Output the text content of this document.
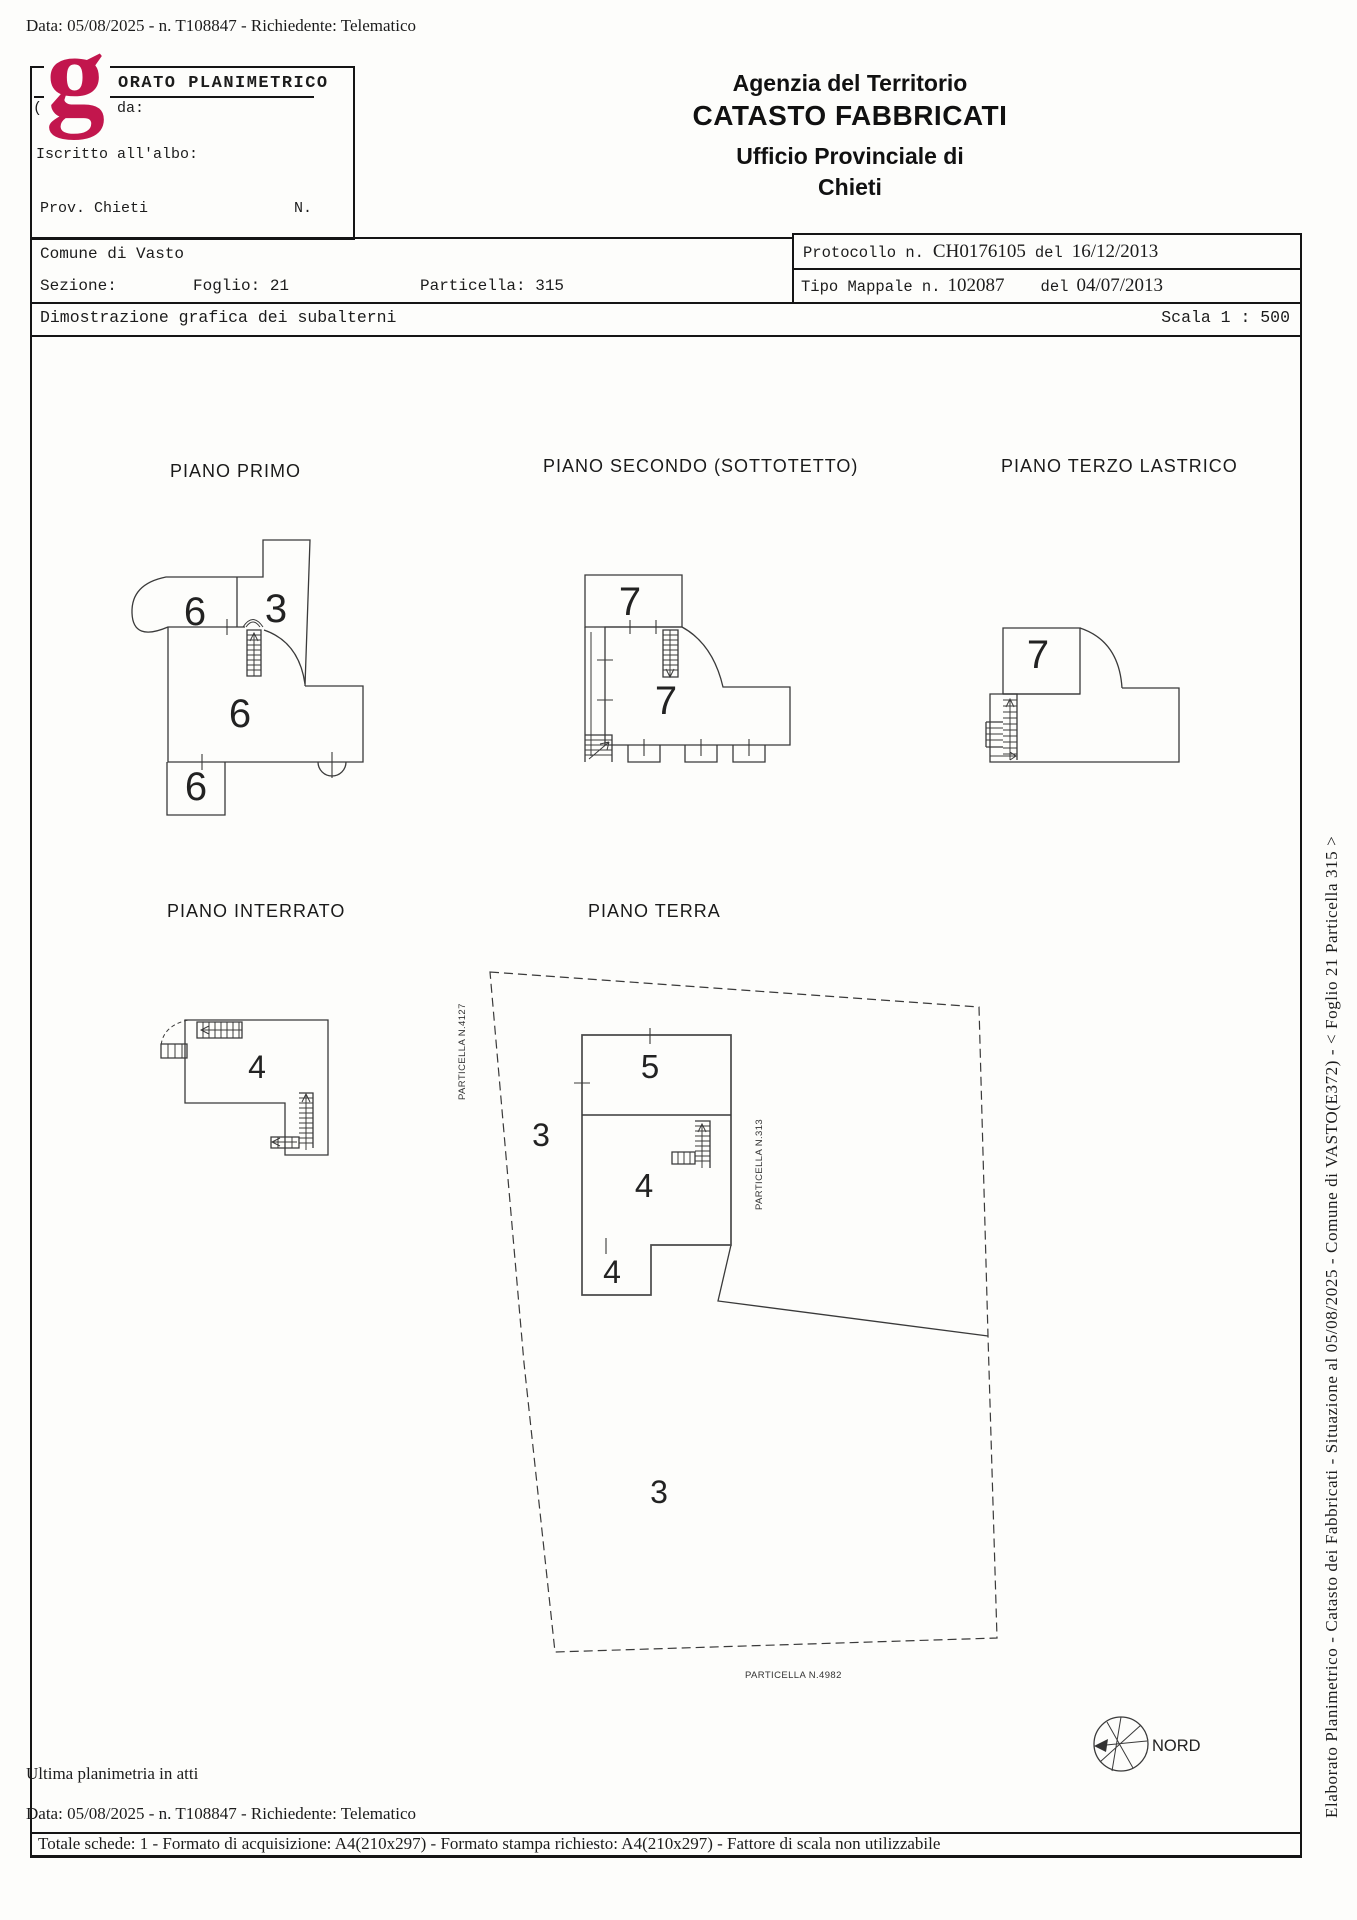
Data: 05/08/2025 - n. T108847 - Richiedente: Telematico
ORATO PLANIMETRICO
(	da:
Iscritto all'albo:
Prov. Chieti	N.
g	Agenzia del Territorio
CATASTO FABBRICATI
Ufficio Provinciale di
Chieti
Comune di Vasto	Protocollo n. CH0176105 del 16/12/2013
Sezione:	Foglio: 21	Particella: 315	Tipo Mappale n. 102087 del 04/07/2013
Dimostrazione grafica dei subalterni	Scala 1 : 500
PIANO PRIMO	PIANO SECONDO (SOTTOTETTO)	PIANO TERZO LASTRICO
PIANO INTERRATO	PIANO TERRA
6 3
6
6
7
7
7
4	5
3
4
4
3
PARTICELLA N.4127
PARTICELLA N.313
PARTICELLA N.4982
NORD
Ultima planimetria in atti
Data: 05/08/2025 - n. T108847 - Richiedente: Telematico
Totale schede: 1 - Formato di acquisizione: A4(210x297) - Formato stampa richiesto: A4(210x297) - Fattore di scala non utilizzabile
Elaborato Planimetrico - Catasto dei Fabbricati - Situazione al 05/08/2025 - Comune di VASTO(E372) - < Foglio 21 Particella 315 >
